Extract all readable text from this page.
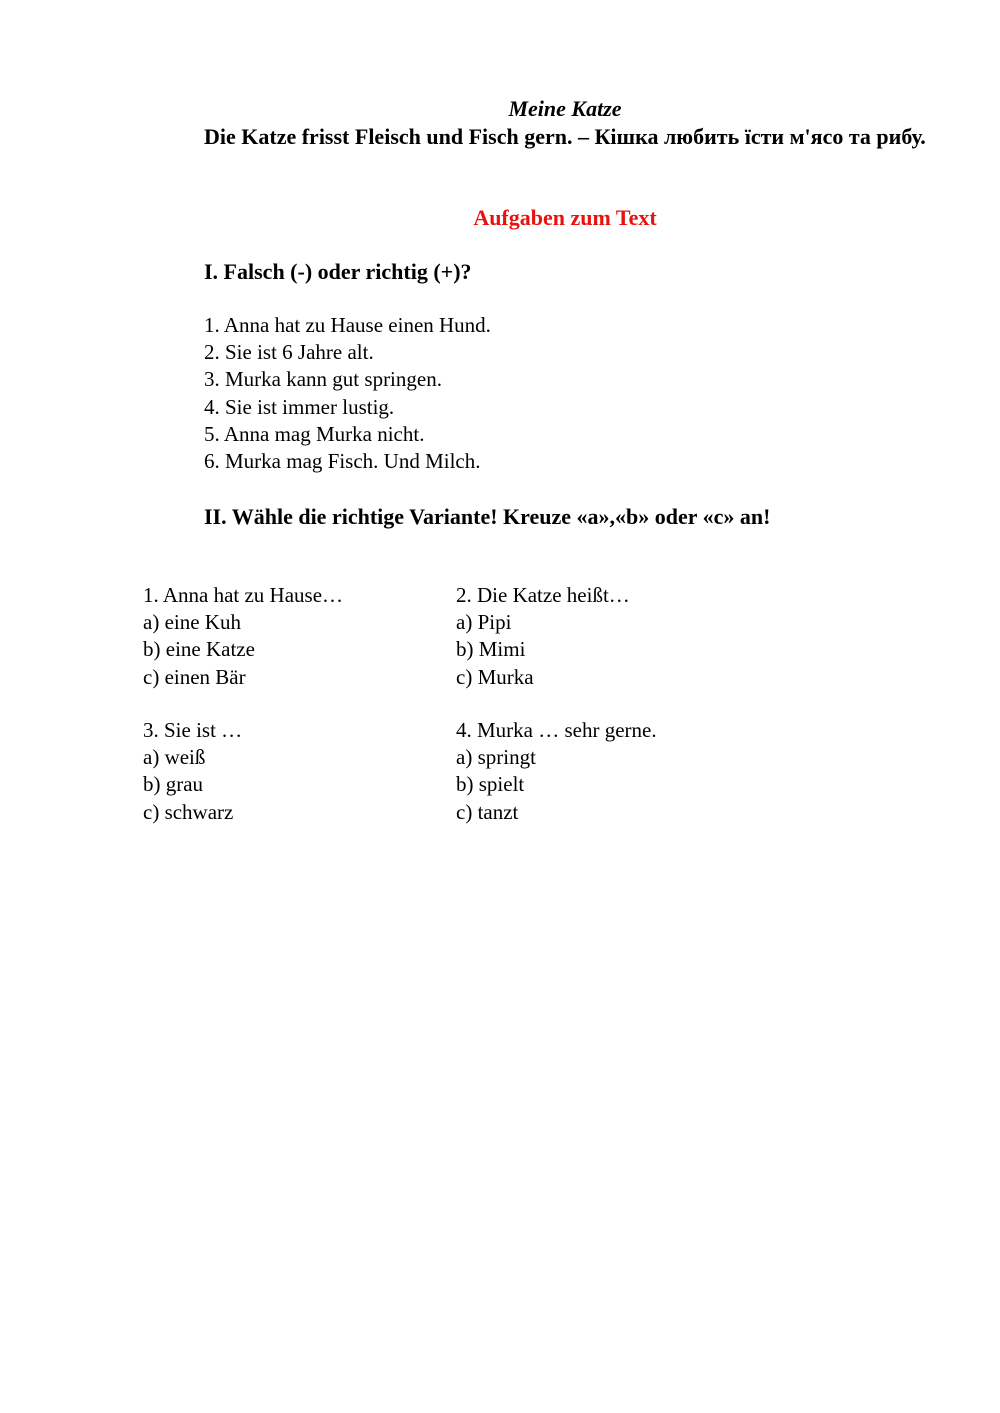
Meine Katze
Die Katze frisst Fleisch und Fisch gern. – Кішка любить їсти м'ясо та рибу.
Aufgaben zum Text
I. Falsch (-) oder richtig (+)?
1. Anna hat zu Hause einen Hund.
2. Sie ist 6 Jahre alt.
3. Murka kann gut springen.
4. Sie ist immer lustig.
5. Anna mag Murka nicht.
6. Murka mag Fisch. Und Milch.
II. Wähle die richtige Variante! Kreuze «a»,«b» oder «c» an!
1. Anna hat zu Hause…
a) eine Kuh
b) eine Katze
c) einen Bär
2. Die Katze heißt…
a) Pipi
b) Mimi
c) Murka
3. Sie ist …
a) weiß
b) grau
c) schwarz
4. Murka … sehr gerne.
a) springt
b) spielt
c) tanzt
